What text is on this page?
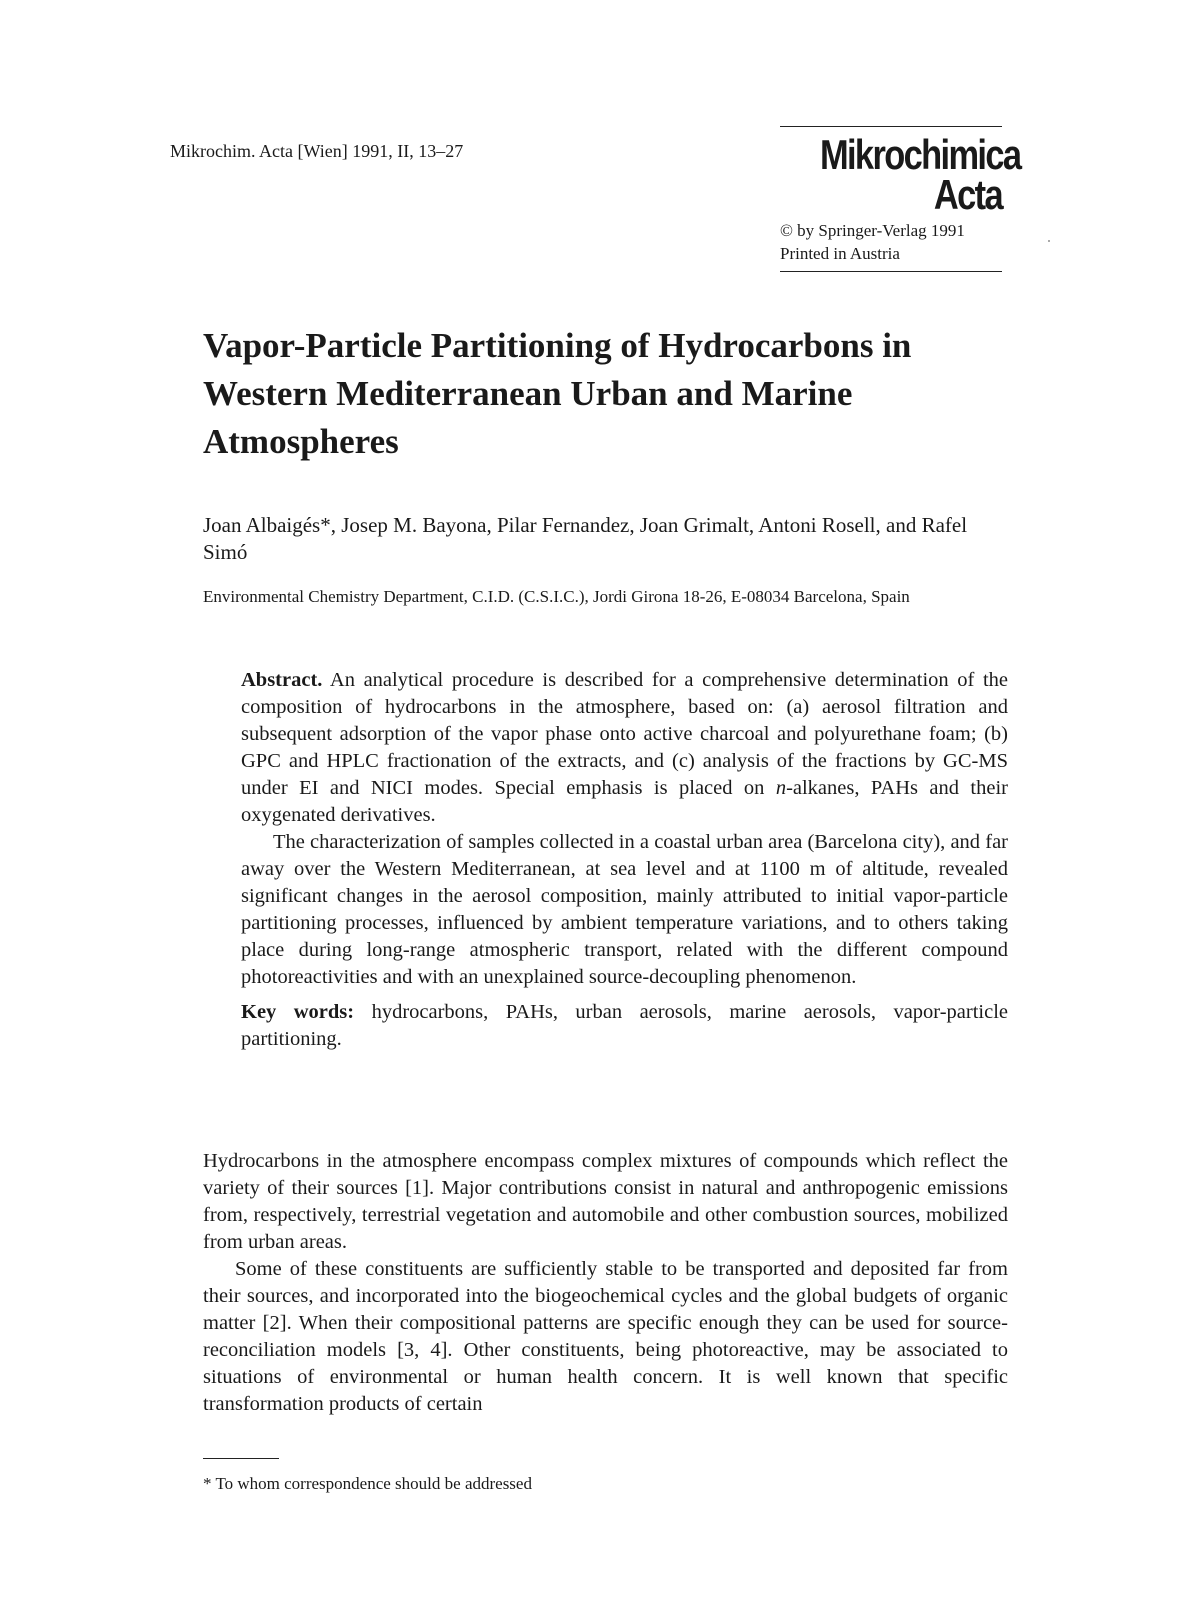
Mikrochim. Acta [Wien] 1991, II, 13–27	Mikrochimica
Acta
© by Springer-Verlag 1991
Printed in Austria
Vapor-Particle Partitioning of Hydrocarbons in Western Mediterranean Urban and Marine Atmospheres
Joan Albaigés*, Josep M. Bayona, Pilar Fernandez, Joan Grimalt, Antoni Rosell, and Rafel Simó
Environmental Chemistry Department, C.I.D. (C.S.I.C.), Jordi Girona 18-26, E-08034 Barcelona, Spain

Abstract. An analytical procedure is described for a comprehensive determination of the composition of hydrocarbons in the atmosphere, based on: (a) aerosol filtration and subsequent adsorption of the vapor phase onto active charcoal and polyurethane foam; (b) GPC and HPLC fractionation of the extracts, and (c) analysis of the fractions by GC-MS under EI and NICI modes. Special emphasis is placed on n-alkanes, PAHs and their oxygenated derivatives.

The characterization of samples collected in a coastal urban area (Barcelona city), and far away over the Western Mediterranean, at sea level and at 1100 m of altitude, revealed significant changes in the aerosol composition, mainly attributed to initial vapor-particle partitioning processes, influenced by ambient temperature variations, and to others taking place during long-range atmospheric transport, related with the different compound photoreactivities and with an unexplained source-decoupling phenomenon.

Key words: hydrocarbons, PAHs, urban aerosols, marine aerosols, vapor-particle partitioning.

Hydrocarbons in the atmosphere encompass complex mixtures of compounds which reflect the variety of their sources [1]. Major contributions consist in natural and anthropogenic emissions from, respectively, terrestrial vegetation and automobile and other combustion sources, mobilized from urban areas.

Some of these constituents are sufficiently stable to be transported and deposited far from their sources, and incorporated into the biogeochemical cycles and the global budgets of organic matter [2]. When their compositional patterns are specific enough they can be used for source-reconciliation models [3, 4]. Other constituents, being photoreactive, may be associated to situations of environmental or human health concern. It is well known that specific transformation products of certain

* To whom correspondence should be addressed
